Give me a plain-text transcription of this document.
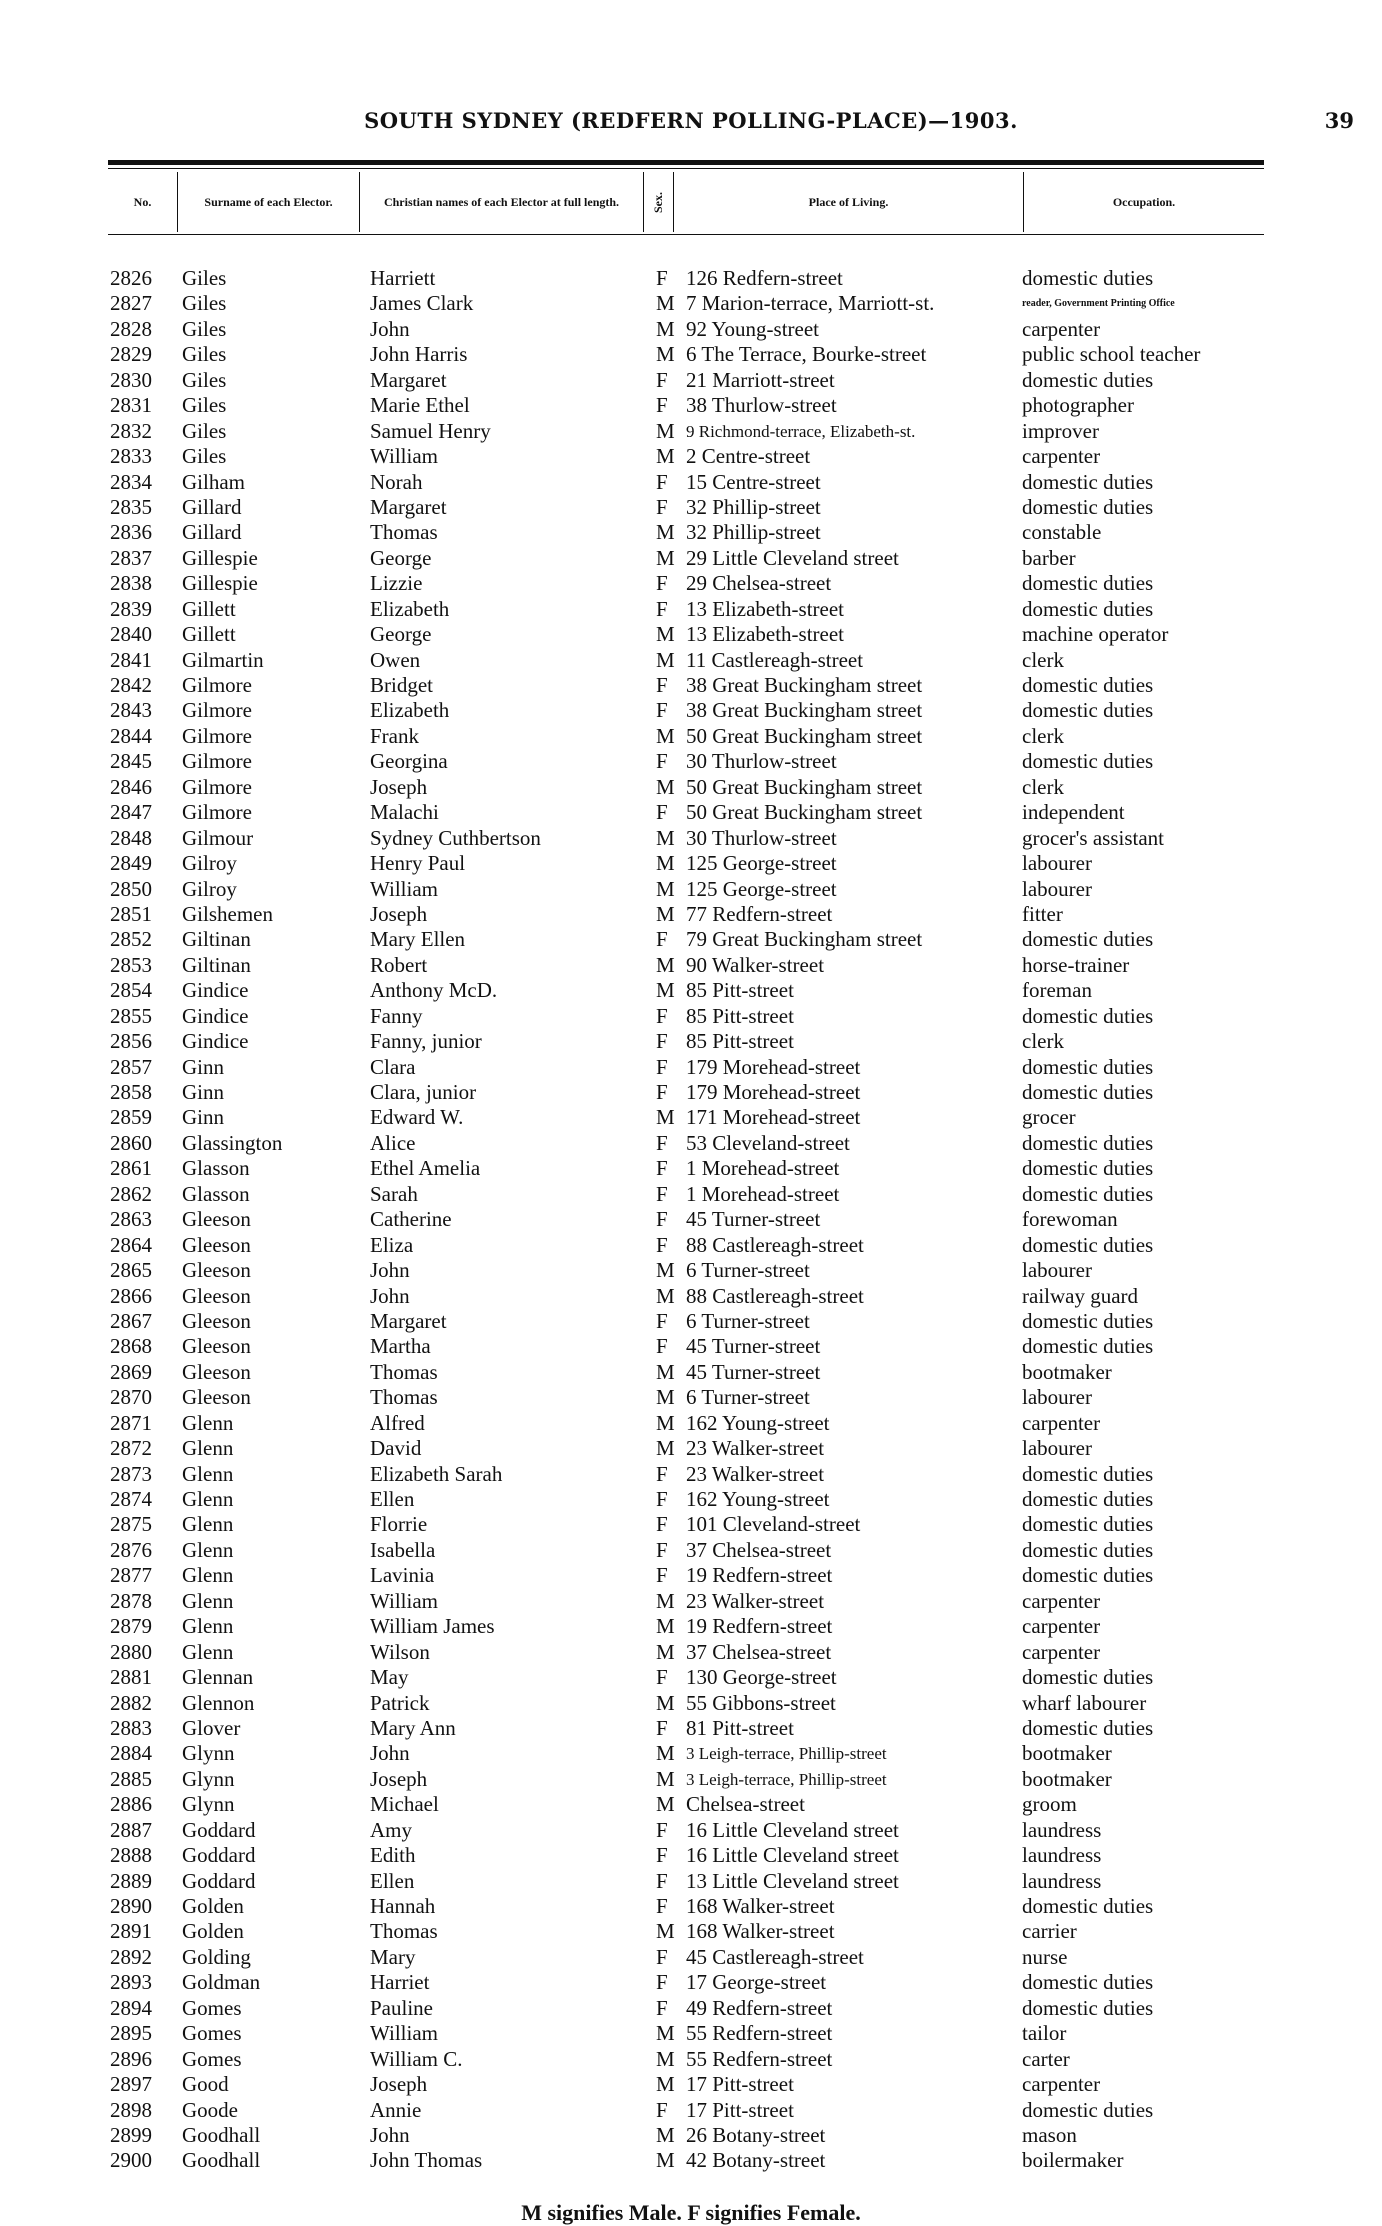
SOUTH SYDNEY (REDFERN POLLING-PLACE)—1903.	39
No.	Surname of each Elector.	Christian names of each Elector at full length.	Sex.	Place of Living.	Occupation.
2826	Giles	Harriett	F 126 Redfern-street	domestic duties
2827	Giles	James Clark	M 7 Marion-terrace, Marriott-st.	reader, Government Printing Office
2828	Giles	John	M 92 Young-street	carpenter
2829	Giles	John Harris	M 6 The Terrace, Bourke-street	public school teacher
2830	Giles	Margaret	F 21 Marriott-street	domestic duties
2831	Giles	Marie Ethel	F 38 Thurlow-street	photographer
2832	Giles	Samuel Henry	M 9 Richmond-terrace, Elizabeth-st.	improver
2833	Giles	William	M 2 Centre-street	carpenter
2834	Gilham	Norah	F 15 Centre-street	domestic duties
2835	Gillard	Margaret	F 32 Phillip-street	domestic duties
2836	Gillard	Thomas	M 32 Phillip-street	constable
2837	Gillespie	George	M 29 Little Cleveland street	barber
2838	Gillespie	Lizzie	F 29 Chelsea-street	domestic duties
2839	Gillett	Elizabeth	F 13 Elizabeth-street	domestic duties
2840	Gillett	George	M 13 Elizabeth-street	machine operator
2841	Gilmartin	Owen	M 11 Castlereagh-street	clerk
2842	Gilmore	Bridget	F 38 Great Buckingham street	domestic duties
2843	Gilmore	Elizabeth	F 38 Great Buckingham street	domestic duties
2844	Gilmore	Frank	M 50 Great Buckingham street	clerk
2845	Gilmore	Georgina	F 30 Thurlow-street	domestic duties
2846	Gilmore	Joseph	M 50 Great Buckingham street	clerk
2847	Gilmore	Malachi	F 50 Great Buckingham street	independent
2848	Gilmour	Sydney Cuthbertson	M 30 Thurlow-street	grocer's assistant
2849	Gilroy	Henry Paul	M 125 George-street	labourer
2850	Gilroy	William	M 125 George-street	labourer
2851	Gilshemen	Joseph	M 77 Redfern-street	fitter
2852	Giltinan	Mary Ellen	F 79 Great Buckingham street	domestic duties
2853	Giltinan	Robert	M 90 Walker-street	horse-trainer
2854	Gindice	Anthony McD.	M 85 Pitt-street	foreman
2855	Gindice	Fanny	F 85 Pitt-street	domestic duties
2856	Gindice	Fanny, junior	F 85 Pitt-street	clerk
2857	Ginn	Clara	F 179 Morehead-street	domestic duties
2858	Ginn	Clara, junior	F 179 Morehead-street	domestic duties
2859	Ginn	Edward W.	M 171 Morehead-street	grocer
2860	Glassington	Alice	F 53 Cleveland-street	domestic duties
2861	Glasson	Ethel Amelia	F 1 Morehead-street	domestic duties
2862	Glasson	Sarah	F 1 Morehead-street	domestic duties
2863	Gleeson	Catherine	F 45 Turner-street	forewoman
2864	Gleeson	Eliza	F 88 Castlereagh-street	domestic duties
2865	Gleeson	John	M 6 Turner-street	labourer
2866	Gleeson	John	M 88 Castlereagh-street	railway guard
2867	Gleeson	Margaret	F 6 Turner-street	domestic duties
2868	Gleeson	Martha	F 45 Turner-street	domestic duties
2869	Gleeson	Thomas	M 45 Turner-street	bootmaker
2870	Gleeson	Thomas	M 6 Turner-street	labourer
2871	Glenn	Alfred	M 162 Young-street	carpenter
2872	Glenn	David	M 23 Walker-street	labourer
2873	Glenn	Elizabeth Sarah	F 23 Walker-street	domestic duties
2874	Glenn	Ellen	F 162 Young-street	domestic duties
2875	Glenn	Florrie	F 101 Cleveland-street	domestic duties
2876	Glenn	Isabella	F 37 Chelsea-street	domestic duties
2877	Glenn	Lavinia	F 19 Redfern-street	domestic duties
2878	Glenn	William	M 23 Walker-street	carpenter
2879	Glenn	William James	M 19 Redfern-street	carpenter
2880	Glenn	Wilson	M 37 Chelsea-street	carpenter
2881	Glennan	May	F 130 George-street	domestic duties
2882	Glennon	Patrick	M 55 Gibbons-street	wharf labourer
2883	Glover	Mary Ann	F 81 Pitt-street	domestic duties
2884	Glynn	John	M 3 Leigh-terrace, Phillip-street	bootmaker
2885	Glynn	Joseph	M 3 Leigh-terrace, Phillip-street	bootmaker
2886	Glynn	Michael	M Chelsea-street	groom
2887	Goddard	Amy	F 16 Little Cleveland street	laundress
2888	Goddard	Edith	F 16 Little Cleveland street	laundress
2889	Goddard	Ellen	F 13 Little Cleveland street	laundress
2890	Golden	Hannah	F 168 Walker-street	domestic duties
2891	Golden	Thomas	M 168 Walker-street	carrier
2892	Golding	Mary	F 45 Castlereagh-street	nurse
2893	Goldman	Harriet	F 17 George-street	domestic duties
2894	Gomes	Pauline	F 49 Redfern-street	domestic duties
2895	Gomes	William	M 55 Redfern-street	tailor
2896	Gomes	William C.	M 55 Redfern-street	carter
2897	Good	Joseph	M 17 Pitt-street	carpenter
2898	Goode	Annie	F 17 Pitt-street	domestic duties
2899	Goodhall	John	M 26 Botany-street	mason
2900	Goodhall	John Thomas	M 42 Botany-street	boilermaker
M signifies Male. F signifies Female.
